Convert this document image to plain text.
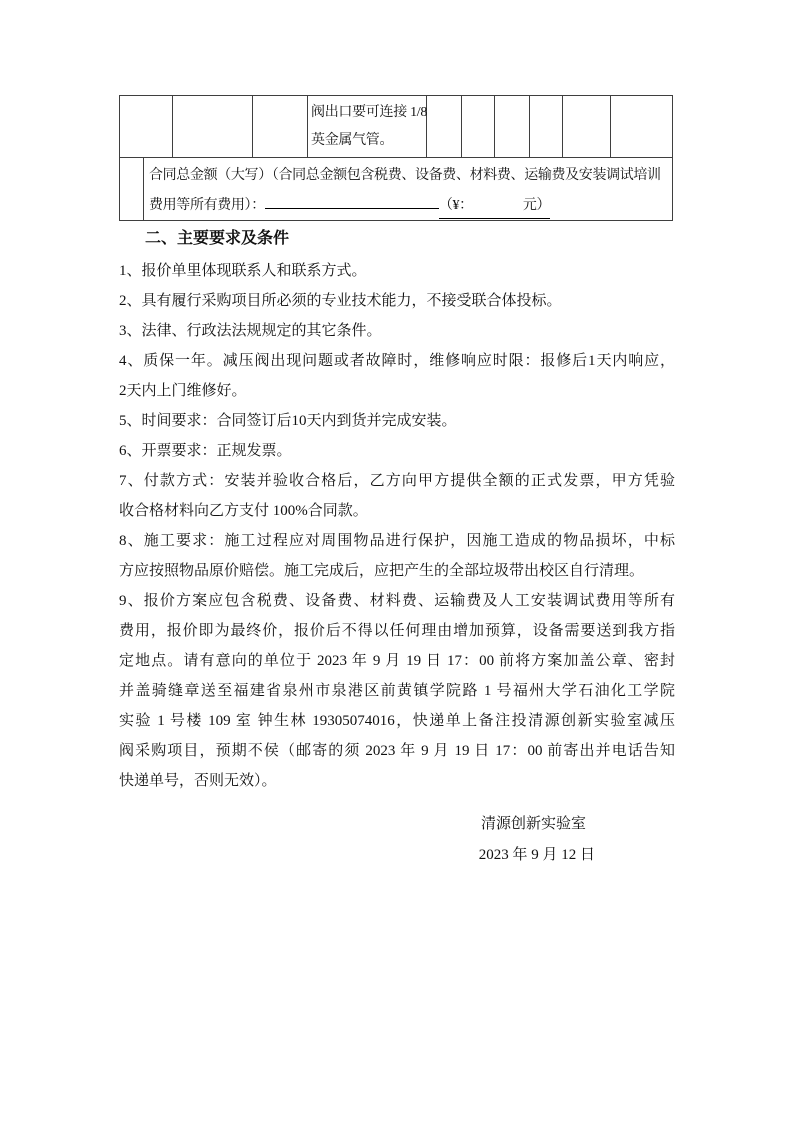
阀出口要可连接 1/8
英金属气管。
合同总金额（大写）（合同总金额包含税费、设备费、材料费、运输费及安装调试培训
费用等所有费用）：	（¥：	元）
二、主要要求及条件
1、报价单里体现联系人和联系方式。
2、具有履行采购项目所必须的专业技术能力，不接受联合体投标。
3、法律、行政法法规规定的其它条件。
4、质保一年。减压阀出现问题或者故障时，维修响应时限：报修后1天内响应，
2天内上门维修好。
5、时间要求：合同签订后10天内到货并完成安装。
6、开票要求：正规发票。
7、付款方式：安装并验收合格后，乙方向甲方提供全额的正式发票，甲方凭验
收合格材料向乙方支付 100%合同款。
8、施工要求：施工过程应对周围物品进行保护，因施工造成的物品损坏，中标
方应按照物品原价赔偿。施工完成后，应把产生的全部垃圾带出校区自行清理。
9、报价方案应包含税费、设备费、材料费、运输费及人工安装调试费用等所有
费用，报价即为最终价，报价后不得以任何理由增加预算，设备需要送到我方指
定地点。请有意向的单位于 2023 年 9 月 19 日 17：00 前将方案加盖公章、密封
并盖骑缝章送至福建省泉州市泉港区前黄镇学院路 1 号福州大学石油化工学院
实验 1 号楼 109 室 钟生林 19305074016，快递单上备注投清源创新实验室减压
阀采购项目，预期不侯（邮寄的须 2023 年 9 月 19 日 17：00 前寄出并电话告知
快递单号，否则无效）。
清源创新实验室
2023 年 9 月 12 日
